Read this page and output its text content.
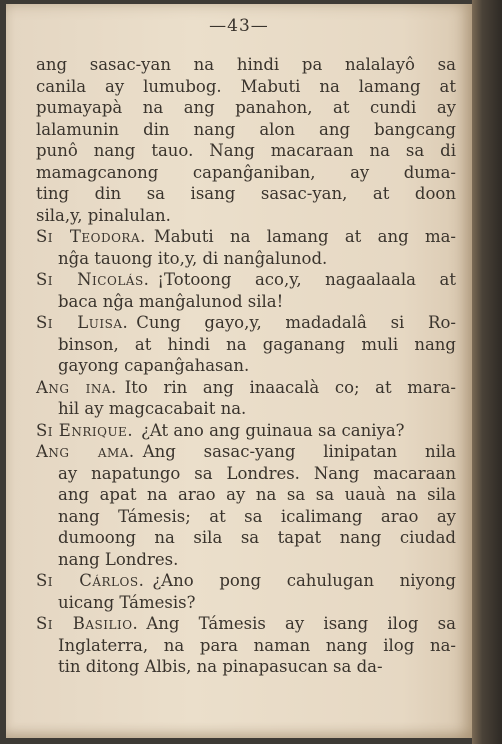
—43—
ang sasac-yan na hindi pa nalalayô sa
canila ay lumubog. Mabuti na lamang at
pumayapà na ang panahon, at cundi ay
lalamunin din nang alon ang bangcang
punô nang tauo. Nang macaraan na sa di
mamagcanong capanĝaniban, ay duma-
ting din sa isang sasac-yan, at doon
sila,y, pinalulan.
Si Teodora. Mabuti na lamang at ang ma-
nĝa tauong ito,y, di nanĝalunod.
Si Nicolás. ¡Totoong aco,y, nagaalaala at
baca nĝa manĝalunod sila!
Si Luisa. Cung gayo,y, madadalâ si Ro-
binson, at hindi na gaganang muli nang
gayong capanĝahasan.
Ang ina. Ito rin ang inaacalà co; at mara-
hil ay magcacabait na.
Si Enrique. ¿At ano ang guinaua sa caniya?
Ang ama. Ang sasac-yang linipatan nila
ay napatungo sa Londres. Nang macaraan
ang apat na arao ay na sa sa uauà na sila
nang Támesis; at sa icalimang arao ay
dumoong na sila sa tapat nang ciudad
nang Londres.
Si Cárlos. ¿Ano pong cahulugan niyong
uicang Támesis?
Si Basilio. Ang Támesis ay isang ilog sa
Inglaterra, na para naman nang ilog na-
tin ditong Albis, na pinapasucan sa da-
